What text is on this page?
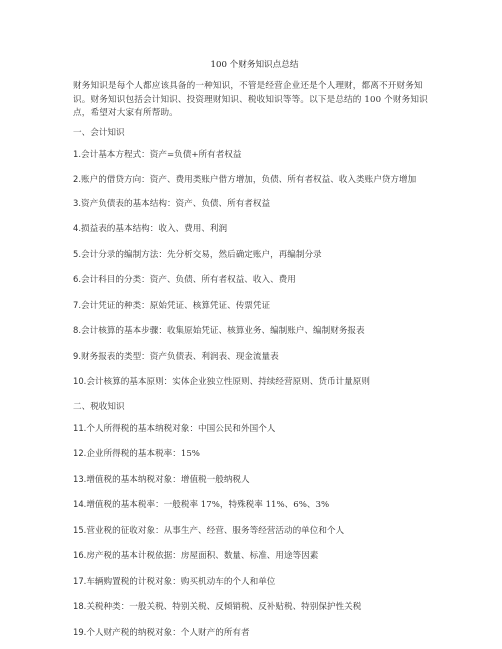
100 个财务知识点总结
财务知识是每个人都应该具备的一种知识，不管是经营企业还是个人理财，都离不开财务知识。财务知识包括会计知识、投资理财知识、税收知识等等。以下是总结的 100 个财务知识点，希望对大家有所帮助。
一、会计知识
1.会计基本方程式：资产=负债+所有者权益
2.账户的借贷方向：资产、费用类账户借方增加，负债、所有者权益、收入类账户贷方增加
3.资产负债表的基本结构：资产、负债、所有者权益
4.损益表的基本结构：收入、费用、利润
5.会计分录的编制方法：先分析交易，然后确定账户，再编制分录
6.会计科目的分类：资产、负债、所有者权益、收入、费用
7.会计凭证的种类：原始凭证、核算凭证、传票凭证
8.会计核算的基本步骤：收集原始凭证、核算业务、编制账户、编制财务报表
9.财务报表的类型：资产负债表、利润表、现金流量表
10.会计核算的基本原则：实体企业独立性原则、持续经营原则、货币计量原则
二、税收知识
11.个人所得税的基本纳税对象：中国公民和外国个人
12.企业所得税的基本税率：15%
13.增值税的基本纳税对象：增值税一般纳税人
14.增值税的基本税率：一般税率 17%，特殊税率 11%、6%、3%
15.营业税的征收对象：从事生产、经营、服务等经营活动的单位和个人
16.房产税的基本计税依据：房屋面积、数量、标准、用途等因素
17.车辆购置税的计税对象：购买机动车的个人和单位
18.关税种类：一般关税、特别关税、反倾销税、反补贴税、特别保护性关税
19.个人财产税的纳税对象：个人财产的所有者
